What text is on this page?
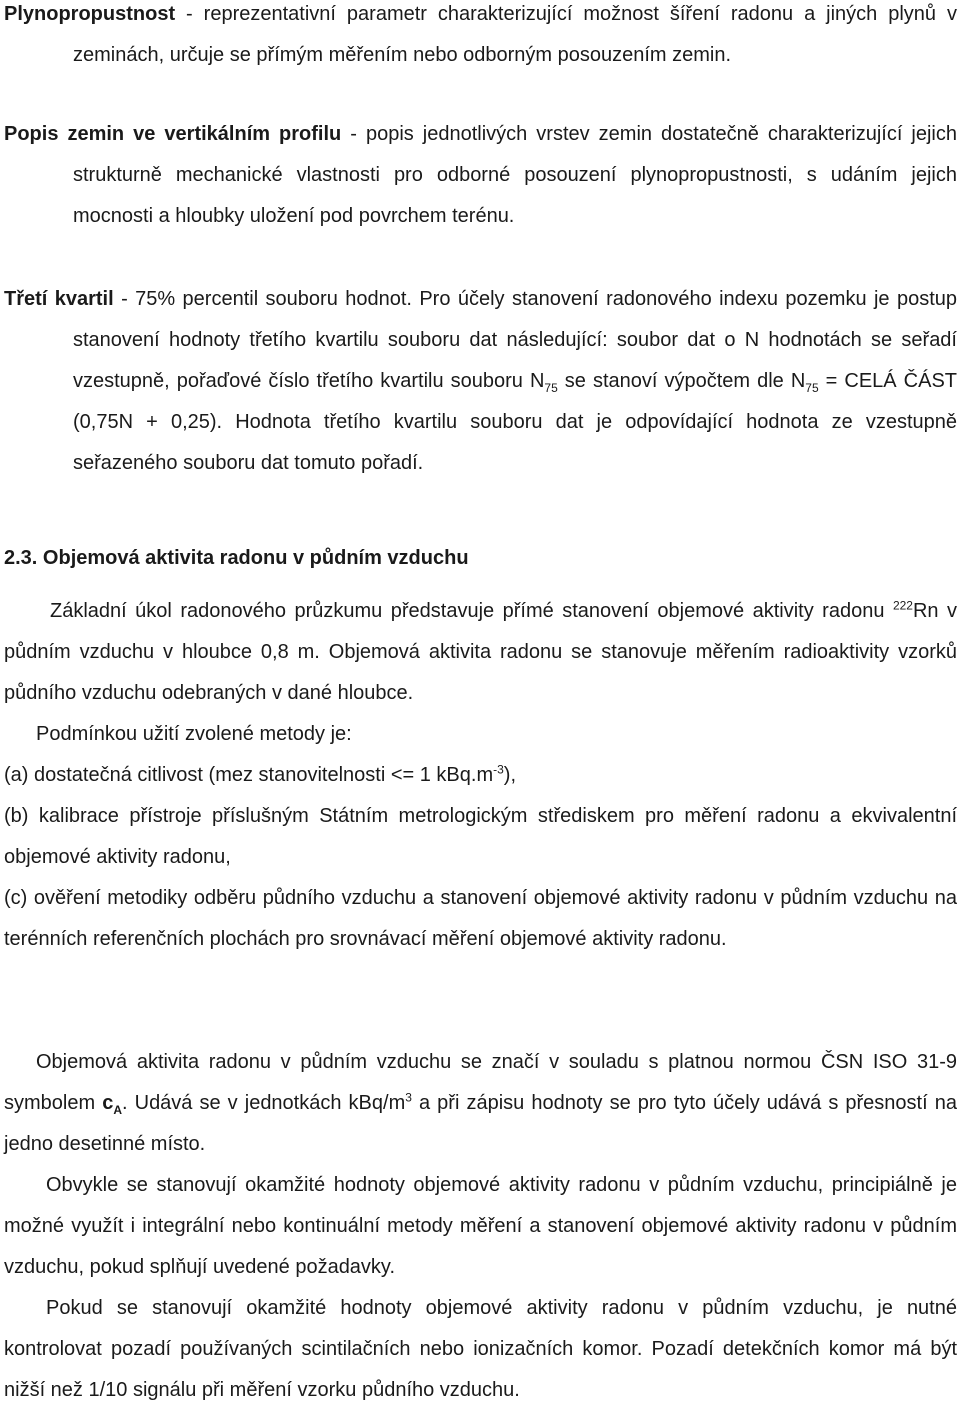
Plynopropustnost - reprezentativní parametr charakterizující možnost šíření radonu a jiných plynů v zeminách, určuje se přímým měřením nebo odborným posouzením zemin.

Popis zemin ve vertikálním profilu - popis jednotlivých vrstev zemin dostatečně charakterizující jejich strukturně mechanické vlastnosti pro odborné posouzení plynopropustnosti, s udáním jejich mocnosti a hloubky uložení pod povrchem terénu.

Třetí kvartil - 75% percentil souboru hodnot. Pro účely stanovení radonového indexu pozemku je postup stanovení hodnoty třetího kvartilu souboru dat následující: soubor dat o N hodnotách se seřadí vzestupně, pořaďové číslo třetího kvartilu souboru $N_{75}$ se stanoví výpočtem dle $N_{75}$ = CELÁ ČÁST (0,75N + 0,25). Hodnota třetího kvartilu souboru dat je odpovídající hodnota ze vzestupně seřazeného souboru dat tomuto pořadí.

2.3. Objemová aktivita radonu v půdním vzduchu

Základní úkol radonového průzkumu představuje přímé stanovení objemové aktivity radonu $^{222}$Rn v půdním vzduchu v hloubce 0,8 m. Objemová aktivita radonu se stanovuje měřením radioaktivity vzorků půdního vzduchu odebraných v dané hloubce.

Podmínkou užití zvolené metody je:

(a) dostatečná citlivost (mez stanovitelnosti <= 1 $kBq.m^{-3}$),

(b) kalibrace přístroje příslušným Státním metrologickým střediskem pro měření radonu a ekvivalentní objemové aktivity radonu,

(c) ověření metodiky odběru půdního vzduchu a stanovení objemové aktivity radonu v půdním vzduchu na terénních referenčních plochách pro srovnávací měření objemové aktivity radonu.

Objemová aktivita radonu v půdním vzduchu se značí v souladu s platnou normou ČSN ISO 31-9 symbolem $c_A$. Udává se v jednotkách kBq/$m^3$ a při zápisu hodnoty se pro tyto účely udává s přesností na jedno desetinné místo.

Obvykle se stanovují okamžité hodnoty objemové aktivity radonu v půdním vzduchu, principiálně je možné využít i integrální nebo kontinuální metody měření a stanovení objemové aktivity radonu v půdním vzduchu, pokud splňují uvedené požadavky.

Pokud se stanovují okamžité hodnoty objemové aktivity radonu v půdním vzduchu, je nutné kontrolovat pozadí používaných scintilačních nebo ionizačních komor. Pozadí detekčních komor má být nižší než 1/10 signálu při měření vzorku půdního vzduchu.
